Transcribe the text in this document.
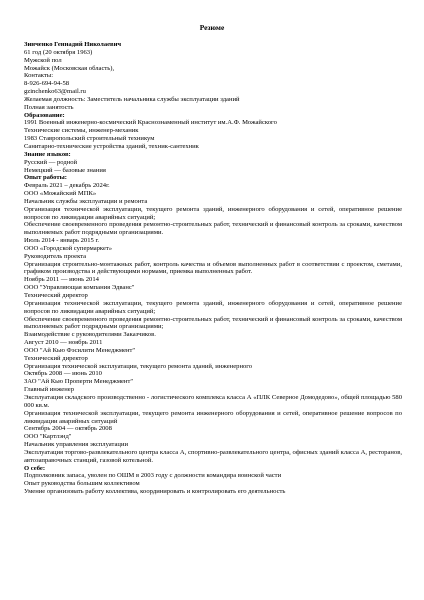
Резюме
Зинченко Геннадий Николаевич
61 год (20 октября 1963)
Мужской пол
Можайск (Московская область),
Контакты:
8-926-694-94-58
gzinchenko63@mail.ru
Желаемая должность: Заместитель начальника службы эксплуатации зданий
Полная занятость
Образование:
1991 Военный инженерно-космический Краснознаменный институт им.А.Ф. Можайского
Технические системы, инженер-механик
1983 Ставропольский строительный техникум
Санитарно-технические устройства зданий, техник-сантехник
Знание языков:
Русский — родной
Немецкий — базовые знания
Опыт работы:
Февраль 2021 – декабрь 2024г.
ООО «Можайский МПК»
Начальник службы эксплуатации и ремонта
Организация технической эксплуатации, текущего ремонта зданий, инженерного оборудования и сетей, оперативное решение вопросов по ликвидации аварийных ситуаций;
Обеспечение своевременного проведения ремонтно-строительных работ, технический и финансовый контроль за сроками, качеством выполняемых работ подрядными организациями.
Июль 2014 - январь 2015 г.
ООО «Городской супермаркет»
Руководитель проекта
Организация строительно-монтажных работ, контроль качества и объемов выполненных работ в соответствии с проектом, сметами, графиком производства и действующими нормами, приемка выполненных работ.
Ноябрь 2011 — июнь 2014
ООО "Управляющая компания Эдванс"
Технический директор
Организация технической эксплуатации, текущего ремонта зданий, инженерного оборудования и сетей, оперативное решение вопросов по ликвидации аварийных ситуаций;
Обеспечение своевременного проведения ремонтно-строительных работ, технический и финансовый контроль за сроками, качеством выполняемых работ подрядными организациями;
Взаимодействие с руководителями Заказчиков.
Август 2010 — ноябрь 2011
ООО "Ай Кью Фэсилити Менеджмент"
Технический директор
Организация технической эксплуатации, текущего ремонта зданий, инженерного
Октябрь 2008 — июнь 2010
ЗАО "Ай Кью Проперти Менеджмент"
Главный инженер
Эксплуатация складского производственно - логистического комплекса класса А «ПЛК Северное Домодедово», общей площадью 580 000 кв.м.
Организация технической эксплуатации, текущего ремонта инженерного оборудования и сетей, оперативное решение вопросов по ликвидации аварийных ситуаций
Сентябрь 2004 — октябрь 2008
ООО "Картлэнд"
Начальник управления эксплуатации
Эксплуатация торгово-развлекательного центра класса А, спортивно-развлекательного центра, офисных зданий класса А, ресторанов, автозаправочных станций, газовой котельной.
О себе:
Подполковник запаса, уволен по ОШМ в 2003 году с должности командира воинской части
Опыт руководства большим коллективом
Умение организовать работу коллектива, координировать и контролировать его деятельность
